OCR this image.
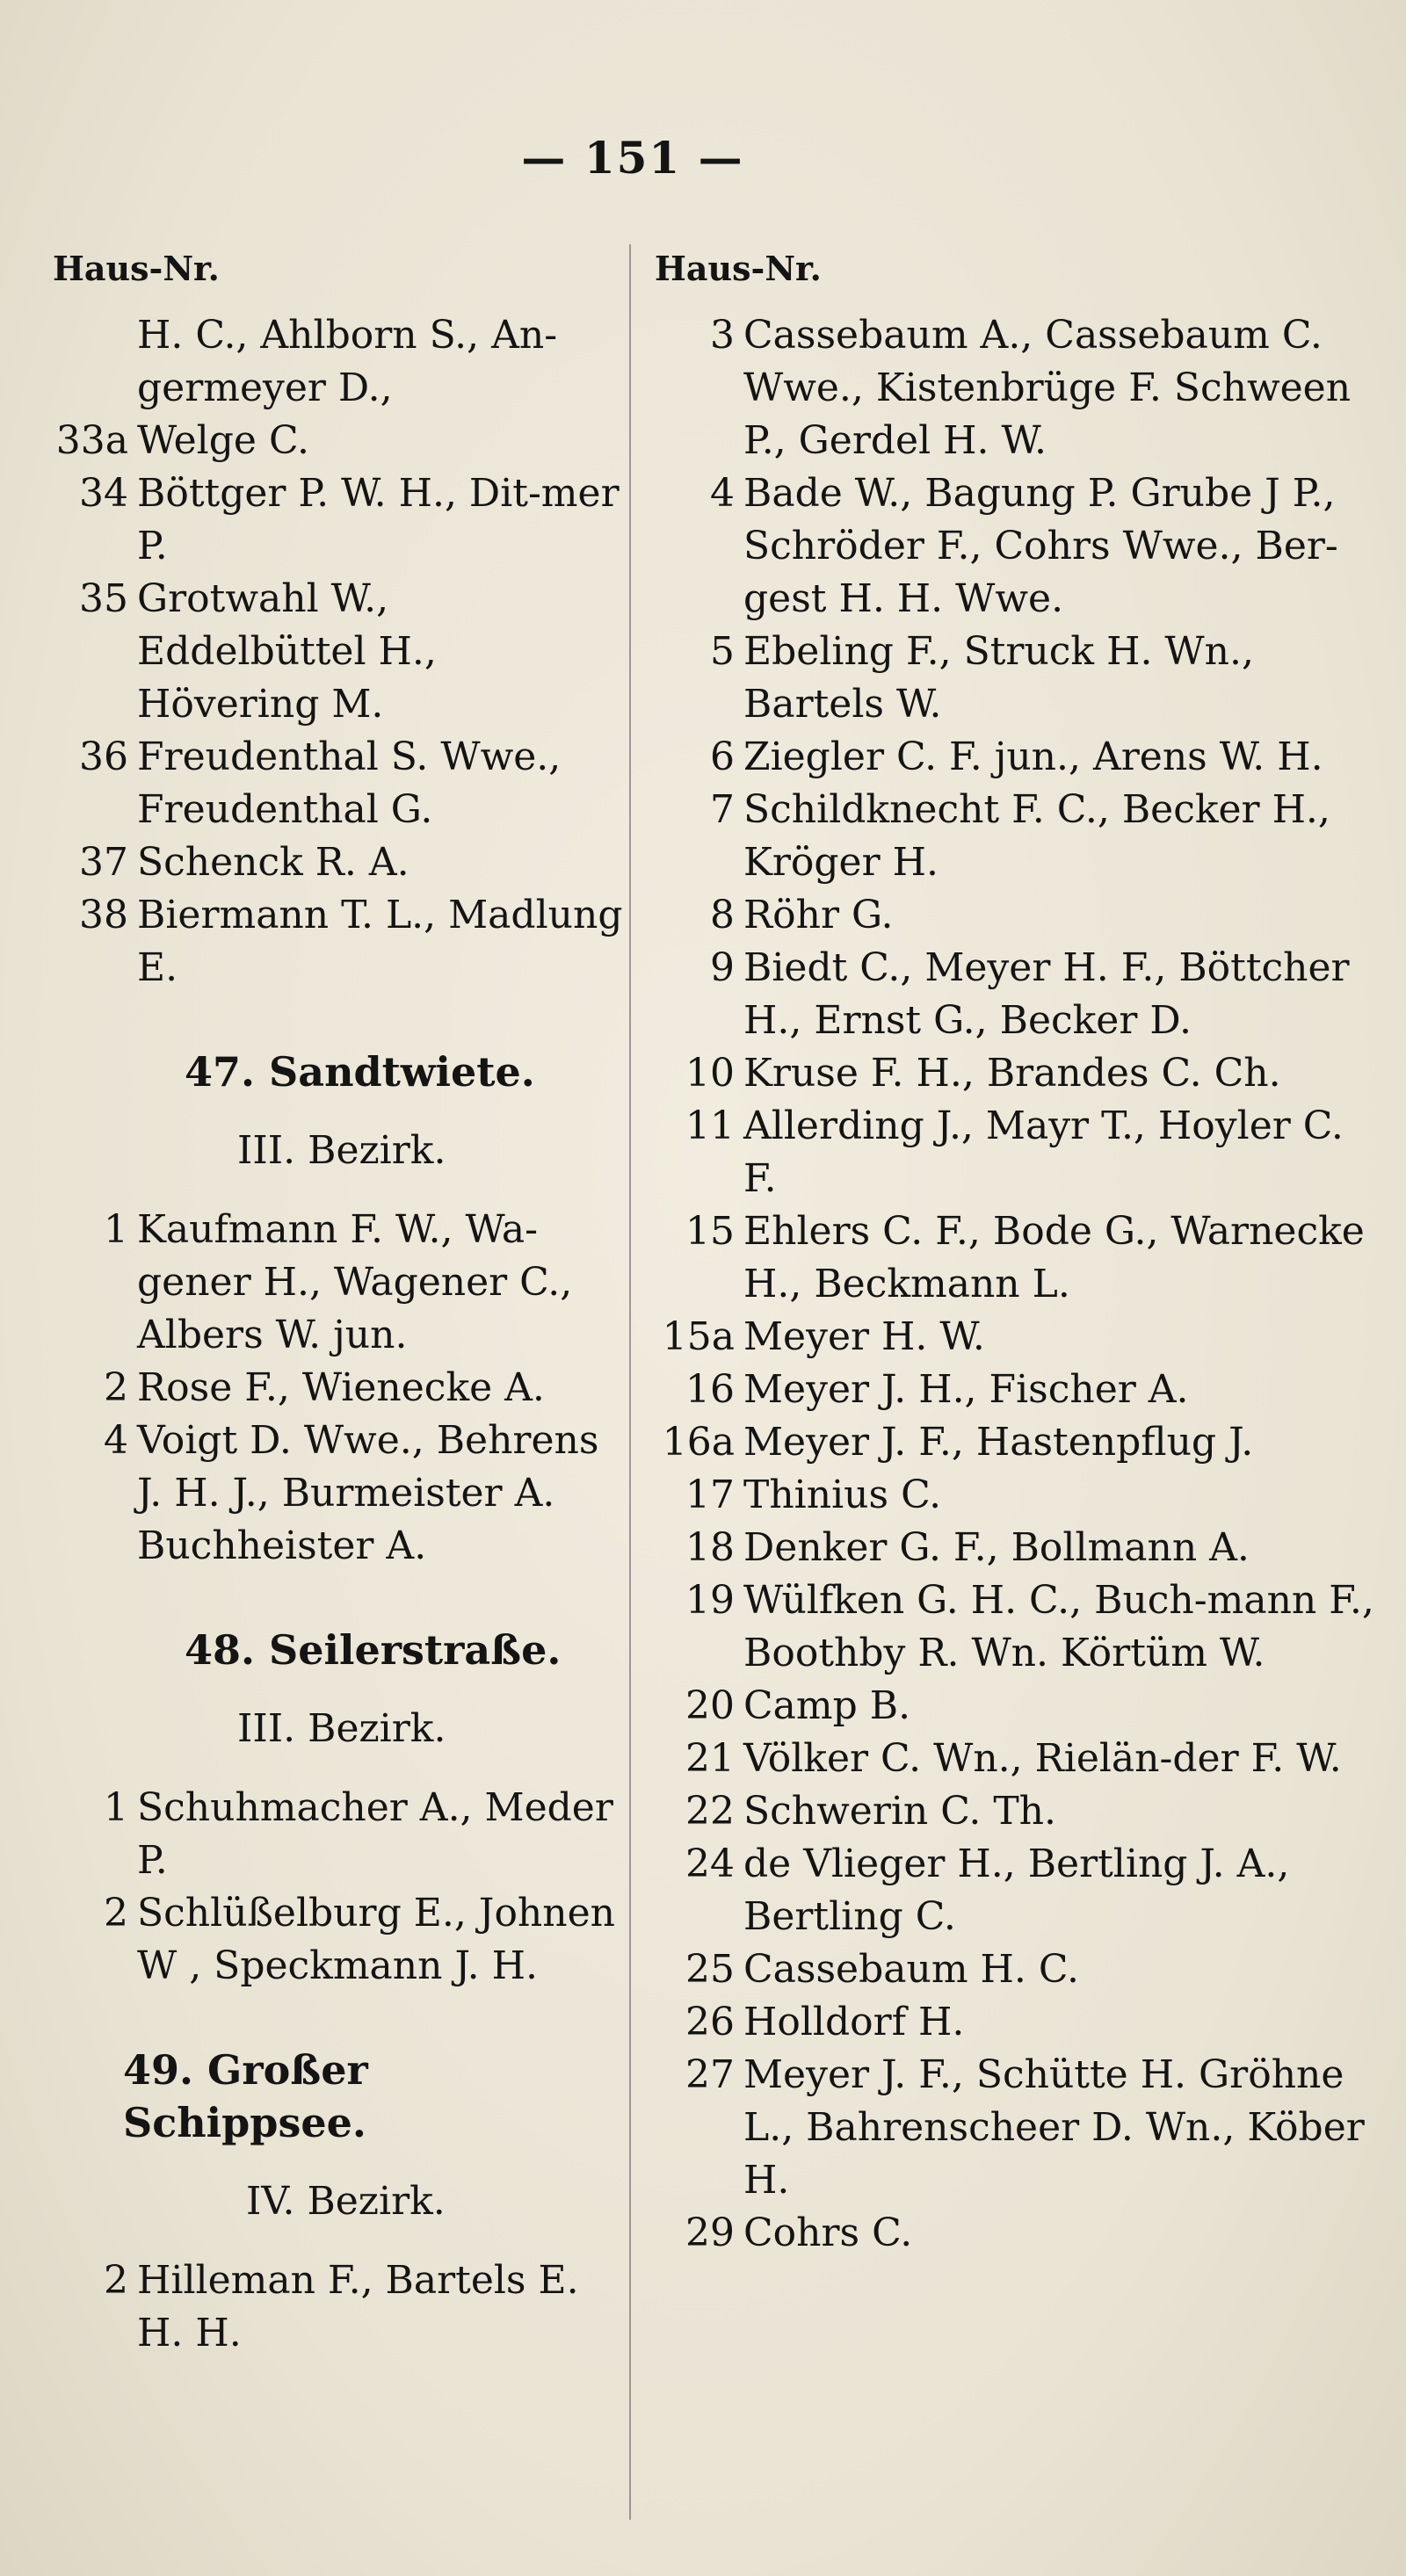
— 151 —
Haus-Nr.	Haus-Nr.
H. C., Ahlborn S., An-
germeyer D.,
33a Welge C.
34 Böttger P. W. H., Dit-mer P.
35 Grotwahl W., Eddelbüttel H., Hövering M.
36 Freudenthal S. Wwe., Freudenthal G.
37 Schenck R. A.
38 Biermann T. L., Madlung E.
47. Sandtwiete.
III. Bezirk.
1 Kaufmann F. W., Wa-gener H., Wagener C., Albers W. jun.
2 Rose F., Wienecke A.
4 Voigt D. Wwe., Behrens J. H. J., Burmeister A. Buchheister A.
48. Seilerstraße.
III. Bezirk.
1 Schuhmacher A., Meder P.
2 Schlüßelburg E., Johnen W , Speckmann J. H.
49. Großer Schippsee.
IV. Bezirk.
2 Hilleman F., Bartels E. H. H.
3 Cassebaum A., Cassebaum C. Wwe., Kistenbrüge F. Schween P., Gerdel H. W.
4 Bade W., Bagung P. Grube J P., Schröder F., Cohrs Wwe., Ber-gest H. H. Wwe.
5 Ebeling F., Struck H. Wn., Bartels W.
6 Ziegler C. F. jun., Arens W. H.
7 Schildknecht F. C., Becker H., Kröger H.
8 Röhr G.
9 Biedt C., Meyer H. F., Böttcher H., Ernst G., Becker D.
10 Kruse F. H., Brandes C. Ch.
11 Allerding J., Mayr T., Hoyler C. F.
15 Ehlers C. F., Bode G., Warnecke H., Beckmann L.
15a Meyer H. W.
16 Meyer J. H., Fischer A.
16a Meyer J. F., Hastenpflug J.
17 Thinius C.
18 Denker G. F., Bollmann A.
19 Wülfken G. H. C., Buch-mann F., Boothby R. Wn. Körtüm W.
20 Camp B.
21 Völker C. Wn., Rielän-der F. W.
22 Schwerin C. Th.
24 de Vlieger H., Bertling J. A., Bertling C.
25 Cassebaum H. C.
26 Holldorf H.
27 Meyer J. F., Schütte H. Gröhne L., Bahrenscheer D. Wn., Köber H.
29 Cohrs C.
